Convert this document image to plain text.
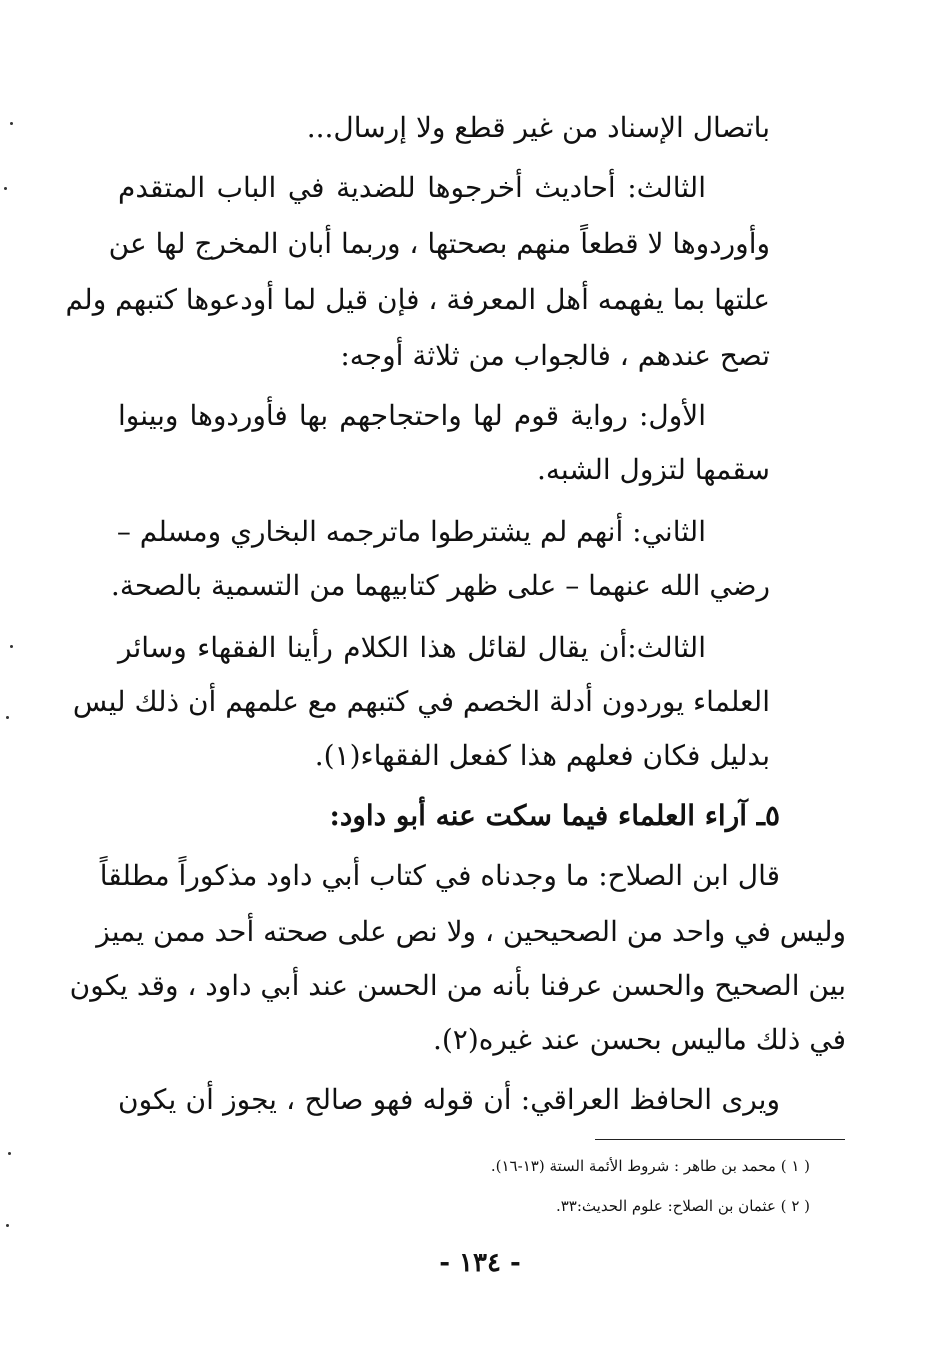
باتصال الإسناد من غير قطع ولا إرسال...
الثالث: أحاديث أخرجوها للضدية في الباب المتقدم
وأوردوها لا قطعاً منهم بصحتها ، وربما أبان المخرج لها عن
علتها بما يفهمه أهل المعرفة ، فإن قيل لما أودعوها كتبهم ولم
تصح عندهم ، فالجواب من ثلاثة أوجه:
الأول: رواية قوم لها واحتجاجهم بها فأوردوها وبينوا
سقمها لتزول الشبه.
الثاني: أنهم لم يشترطوا ماترجمه البخاري ومسلم –
رضي الله عنهما – على ظهر كتابيهما من التسمية بالصحة.
الثالث:أن يقال لقائل هذا الكلام رأينا الفقهاء وسائر
العلماء يوردون أدلة الخصم في كتبهم مع علمهم أن ذلك ليس
بدليل فكان فعلهم هذا كفعل الفقهاء(١).
٥ـ آراء العلماء فيما سكت عنه أبو داود:
قال ابن الصلاح: ما وجدناه في كتاب أبي داود مذكوراً مطلقاً
وليس في واحد من الصحيحين ، ولا نص على صحته أحد ممن يميز
بين الصحيح والحسن عرفنا بأنه من الحسن عند أبي داود ، وقد يكون
في ذلك ماليس بحسن عند غيره(٢).
ويرى الحافظ العراقي: أن قوله فهو صالح ، يجوز أن يكون
( ١ ) محمد بن طاهر : شروط الأئمة الستة (١٣-١٦).
( ٢ ) عثمان بن الصلاح: علوم الحديث:٣٣.
- ١٣٤ -
